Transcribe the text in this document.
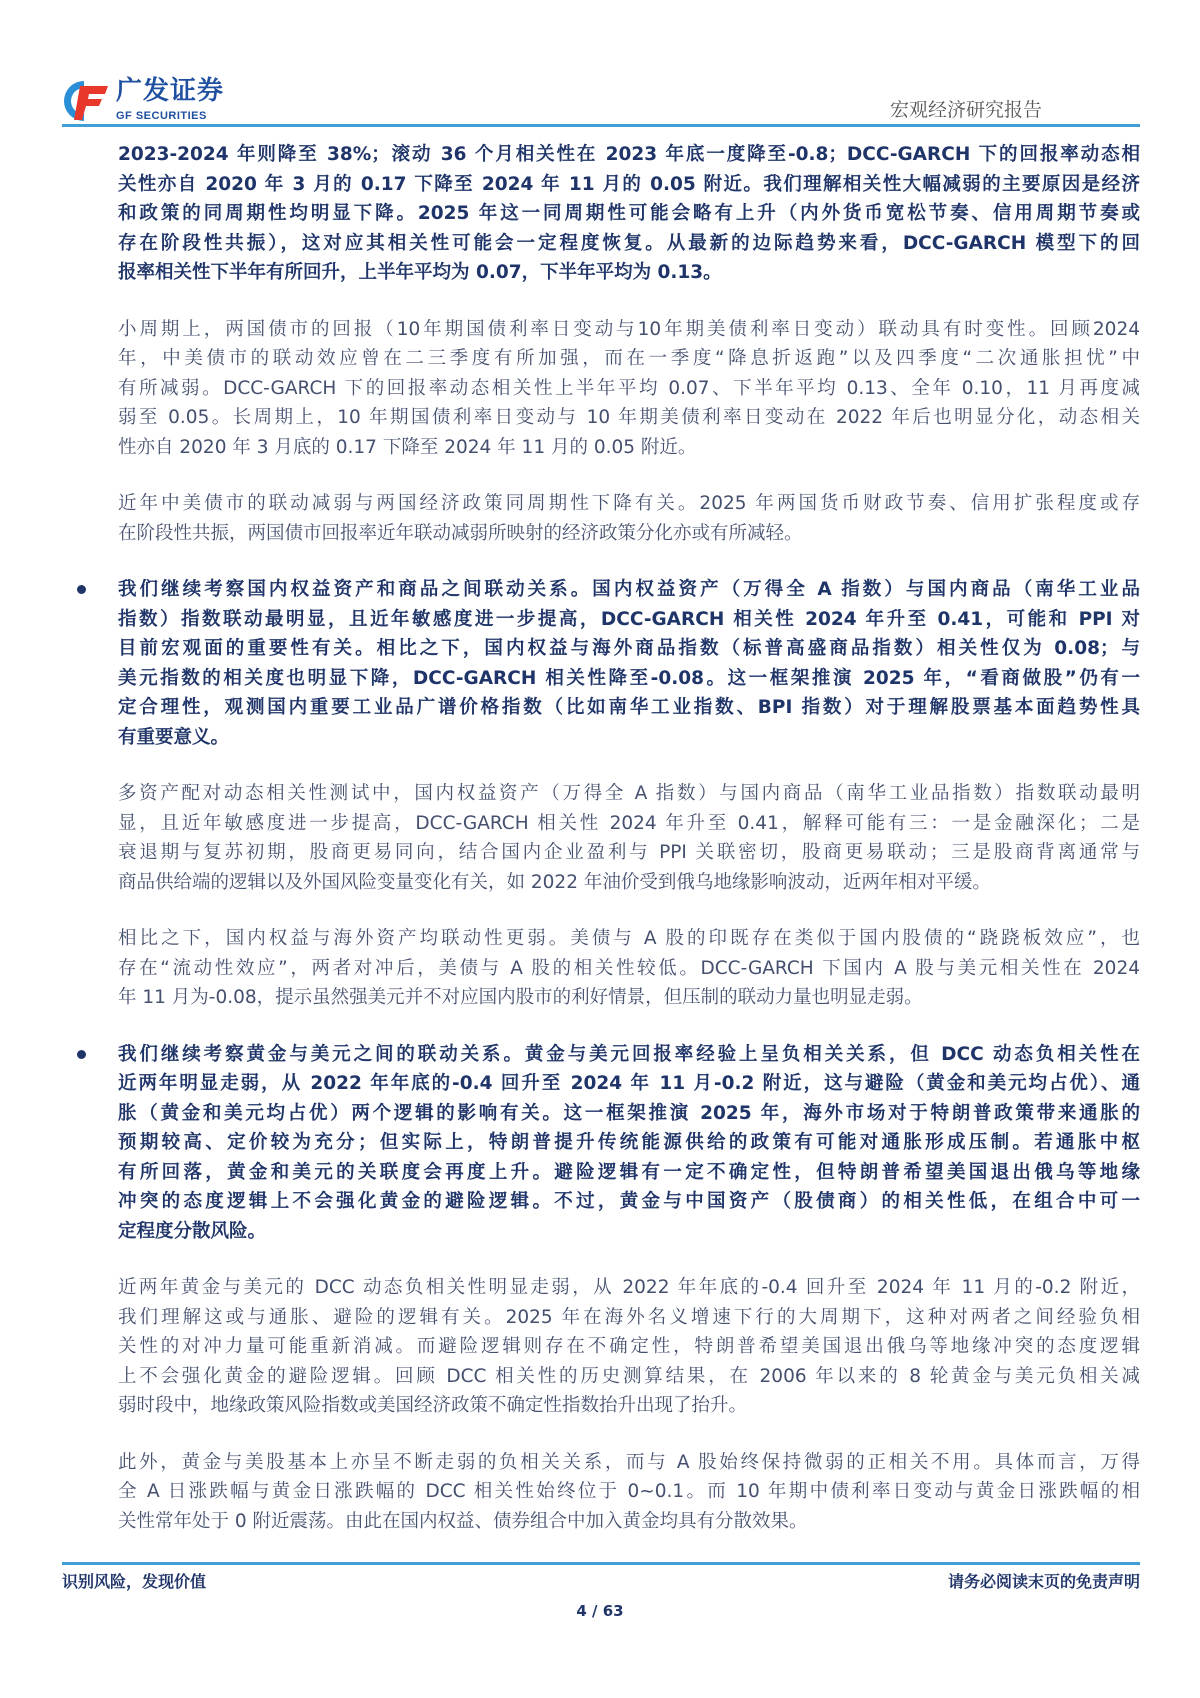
广发证券
GF SECURITIES	宏观经济研究报告
2023-2024 年则降至 38%；滚动 36 个月相关性在 2023 年底一度降至-0.8；DCC-GARCH 下的回报率动态相
关性亦自 2020 年 3 月的 0.17 下降至 2024 年 11 月的 0.05 附近。我们理解相关性大幅减弱的主要原因是经济
和政策的同周期性均明显下降。2025 年这一同周期性可能会略有上升（内外货币宽松节奏、信用周期节奏或
存在阶段性共振），这对应其相关性可能会一定程度恢复。从最新的边际趋势来看，DCC-GARCH 模型下的回
报率相关性下半年有所回升，上半年平均为 0.07，下半年平均为 0.13。
小周期上，两国债市的回报（10年期国债利率日变动与10年期美债利率日变动）联动具有时变性。回顾2024
年，中美债市的联动效应曾在二三季度有所加强，而在一季度“降息折返跑”以及四季度“二次通胀担忧”中
有所减弱。DCC-GARCH 下的回报率动态相关性上半年平均 0.07、下半年平均 0.13、全年 0.10，11 月再度减
弱至 0.05。长周期上，10 年期国债利率日变动与 10 年期美债利率日变动在 2022 年后也明显分化，动态相关
性亦自 2020 年 3 月底的 0.17 下降至 2024 年 11 月的 0.05 附近。
近年中美债市的联动减弱与两国经济政策同周期性下降有关。2025 年两国货币财政节奏、信用扩张程度或存
在阶段性共振，两国债市回报率近年联动减弱所映射的经济政策分化亦或有所减轻。
我们继续考察国内权益资产和商品之间联动关系。国内权益资产（万得全 A 指数）与国内商品（南华工业品
指数）指数联动最明显，且近年敏感度进一步提高，DCC-GARCH 相关性 2024 年升至 0.41，可能和 PPI 对
目前宏观面的重要性有关。相比之下，国内权益与海外商品指数（标普高盛商品指数）相关性仅为 0.08；与
美元指数的相关度也明显下降，DCC-GARCH 相关性降至-0.08。这一框架推演 2025 年，“看商做股”仍有一
定合理性，观测国内重要工业品广谱价格指数（比如南华工业指数、BPI 指数）对于理解股票基本面趋势性具
有重要意义。
多资产配对动态相关性测试中，国内权益资产（万得全 A 指数）与国内商品（南华工业品指数）指数联动最明
显，且近年敏感度进一步提高，DCC-GARCH 相关性 2024 年升至 0.41，解释可能有三：一是金融深化；二是
衰退期与复苏初期，股商更易同向，结合国内企业盈利与 PPI 关联密切，股商更易联动；三是股商背离通常与
商品供给端的逻辑以及外国风险变量变化有关，如 2022 年油价受到俄乌地缘影响波动，近两年相对平缓。
相比之下，国内权益与海外资产均联动性更弱。美债与 A 股的印既存在类似于国内股债的“跷跷板效应”，也
存在“流动性效应”，两者对冲后，美债与 A 股的相关性较低。DCC-GARCH 下国内 A 股与美元相关性在 2024
年 11 月为-0.08，提示虽然强美元并不对应国内股市的利好情景，但压制的联动力量也明显走弱。
我们继续考察黄金与美元之间的联动关系。黄金与美元回报率经验上呈负相关关系，但 DCC 动态负相关性在
近两年明显走弱，从 2022 年年底的-0.4 回升至 2024 年 11 月-0.2 附近，这与避险（黄金和美元均占优）、通
胀（黄金和美元均占优）两个逻辑的影响有关。这一框架推演 2025 年，海外市场对于特朗普政策带来通胀的
预期较高、定价较为充分；但实际上，特朗普提升传统能源供给的政策有可能对通胀形成压制。若通胀中枢
有所回落，黄金和美元的关联度会再度上升。避险逻辑有一定不确定性，但特朗普希望美国退出俄乌等地缘
冲突的态度逻辑上不会强化黄金的避险逻辑。不过，黄金与中国资产（股债商）的相关性低，在组合中可一
定程度分散风险。
近两年黄金与美元的 DCC 动态负相关性明显走弱，从 2022 年年底的-0.4 回升至 2024 年 11 月的-0.2 附近，
我们理解这或与通胀、避险的逻辑有关。2025 年在海外名义增速下行的大周期下，这种对两者之间经验负相
关性的对冲力量可能重新消减。而避险逻辑则存在不确定性，特朗普希望美国退出俄乌等地缘冲突的态度逻辑
上不会强化黄金的避险逻辑。回顾 DCC 相关性的历史测算结果，在 2006 年以来的 8 轮黄金与美元负相关减
弱时段中，地缘政策风险指数或美国经济政策不确定性指数抬升出现了抬升。
此外，黄金与美股基本上亦呈不断走弱的负相关关系，而与 A 股始终保持微弱的正相关不用。具体而言，万得
全 A 日涨跌幅与黄金日涨跌幅的 DCC 相关性始终位于 0~0.1。而 10 年期中债利率日变动与黄金日涨跌幅的相
关性常年处于 0 附近震荡。由此在国内权益、债券组合中加入黄金均具有分散效果。
识别风险，发现价值	请务必阅读末页的免责声明
4 / 63
